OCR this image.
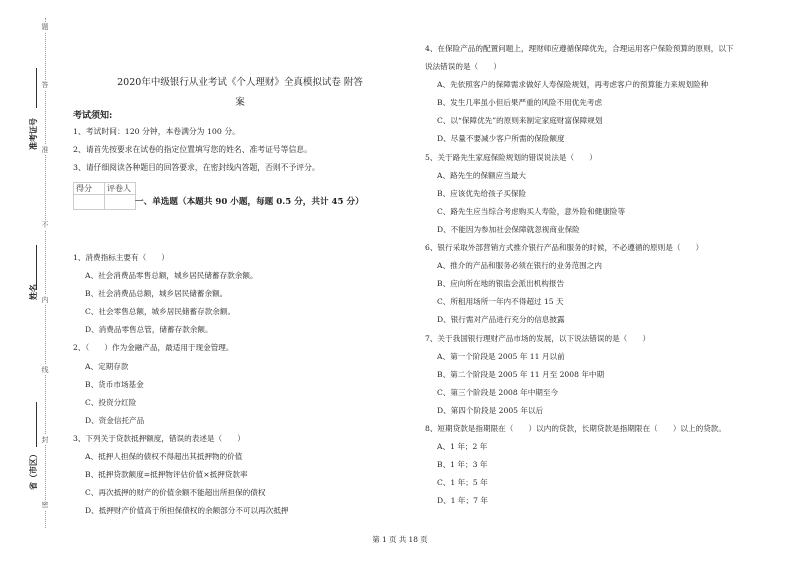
题
答
准
不
内
线
封
密
准考证号
姓名
省（市区）
2020年中级银行从业考试《个人理财》全真模拟试卷 附答
案
考试须知:
1、考试时间：120 分钟，本卷满分为 100 分。
2、请首先按要求在试卷的指定位置填写您的姓名、准考证号等信息。
3、请仔细阅读各种题目的回答要求，在密封线内答题，否则不予评分。
得分	评卷人

一、单选题（本题共 90 小题，每题 0.5 分，共计 45 分）
1、消费指标主要有（　　）
A、社会消费品零售总额，城乡居民储蓄存款余额。
B、社会消费品总额，城乡居民储蓄余额。
C、社会零售总额，城乡居民储蓄存款余额。
D、消费品零售总管，储蓄存款余额。
2、（　　）作为金融产品，最适用于现金管理。
A、定期存款
B、货币市场基金
C、投资分红险
D、资金信托产品
3、下列关于贷款抵押额度，错误的表述是（　　）
A、抵押人担保的债权不得超出其抵押物的价值
B、抵押贷款额度=抵押物评估价值×抵押贷款率
C、再次抵押的财产的价值余额不能超出所担保的债权
D、抵押财产价值高于所担保债权的余额部分不可以再次抵押
4、在保险产品的配置问题上，理财师应遵循保障优先，合理运用客户保险预算的原则，以下
说法错误的是（　　）
A、先依照客户的保障需求做好人寿保险规划，再考虑客户的预算能力来规划险种
B、发生几率虽小但后果严重的风险不用优先考虑
C、以“保障优先”的原则来制定家庭财富保障规划
D、尽量不要减少客户所需的保险额度
5、关于路先生家庭保险规划的错误说法是（　　）
A、路先生的保额应当最大
B、应该优先给孩子买保险
C、路先生应当综合考虑购买人寿险，意外险和健康险等
D、不能因为参加社会保障就忽视商业保险
6、银行采取外部营销方式推介银行产品和服务的时候，不必遵循的原则是（　　）
A、推介的产品和服务必须在银行的业务范围之内
B、应向所在地的银监会派出机构报告
C、所租用场所一年内不得超过 15 天
D、银行需对产品进行充分的信息披露
7、关于我国银行理财产品市场的发展，以下说法错误的是（　　）
A、第一个阶段是 2005 年 11 月以前
B、第二个阶段是 2005 年 11 月至 2008 年中期
C、第三个阶段是 2008 年中期至今
D、第四个阶段是 2005 年以后
8、短期贷款是指期限在（　　）以内的贷款，长期贷款是指期限在（　　）以上的贷款。
A、1 年；2 年
B、1 年；3 年
C、1 年；5 年
D、1 年；7 年
第 1 页 共 18 页
